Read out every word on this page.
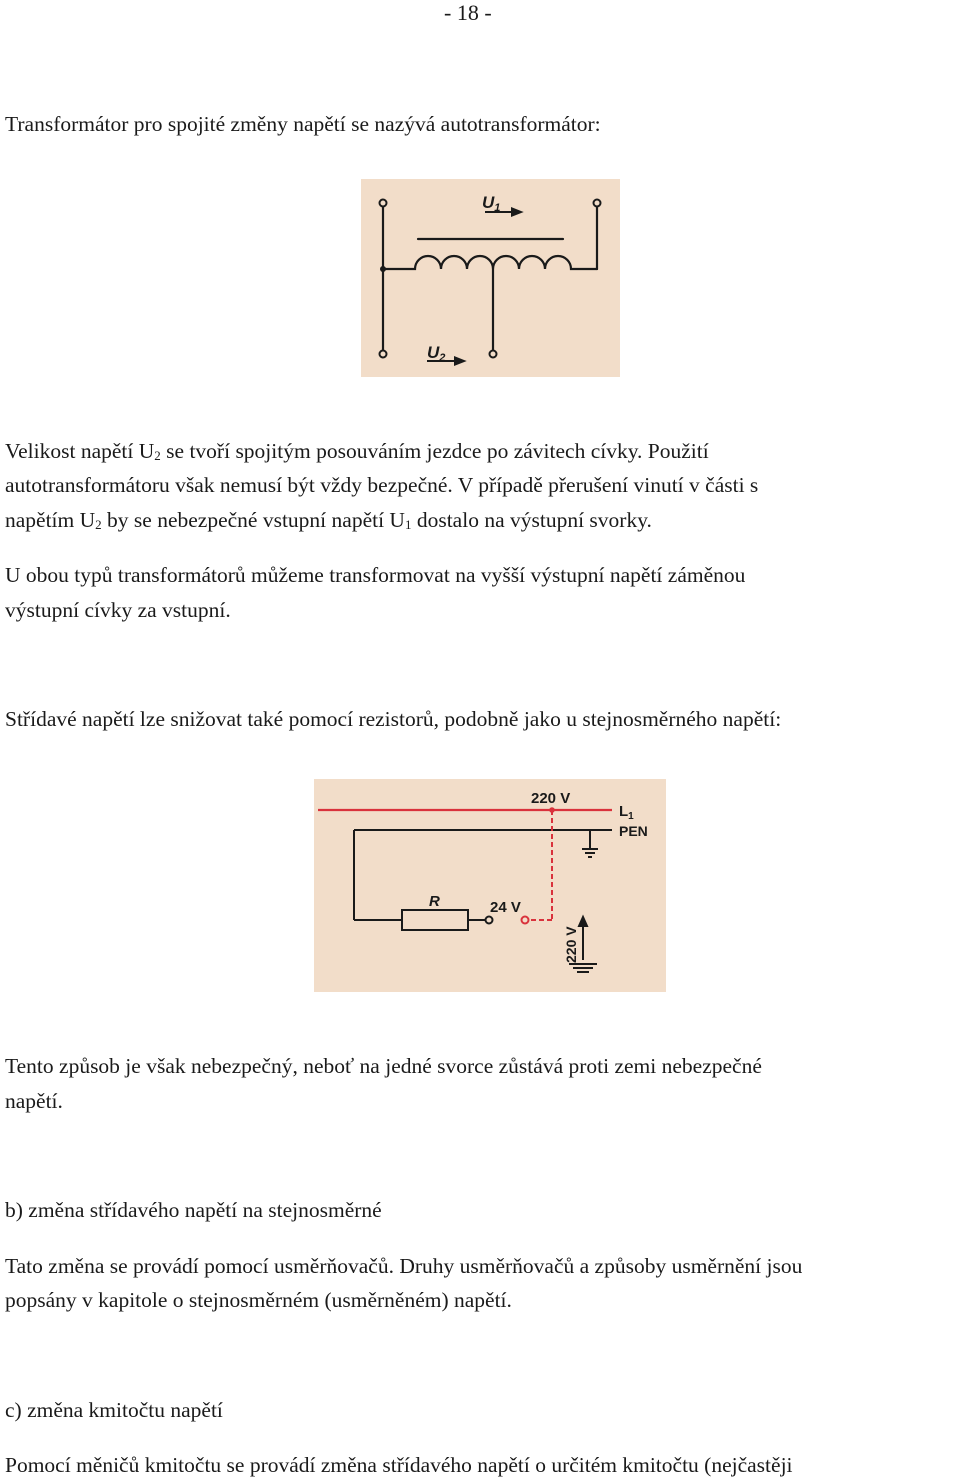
- 18 -
Transformátor pro spojité změny napětí se nazývá autotransformátor:
U1
U2
Velikost napětí $U_2$ se tvoří spojitým posouváním jezdce po závitech cívky. Použití
autotransformátoru však nemusí být vždy bezpečné. V případě přerušení vinutí v části s
napětím $U_2$ by se nebezpečné vstupní napětí $U_1$ dostalo na výstupní svorky.
U obou typů transformátorů můžeme transformovat na vyšší výstupní napětí záměnou
výstupní cívky za vstupní.
Střídavé napětí lze snižovat také pomocí rezistorů, podobně jako u stejnosměrného napětí:
220 V
$L_1$
PEN
R	24 V
220 V
Tento způsob je však nebezpečný, neboť na jedné svorce zůstává proti zemi nebezpečné
napětí.
b) změna střídavého napětí na stejnosměrné
Tato změna se provádí pomocí usměrňovačů. Druhy usměrňovačů a způsoby usměrnění jsou
popsány v kapitole o stejnosměrném (usměrněném) napětí.
c) změna kmitočtu napětí
Pomocí měničů kmitočtu se provádí změna střídavého napětí o určitém kmitočtu (nejčastěji
